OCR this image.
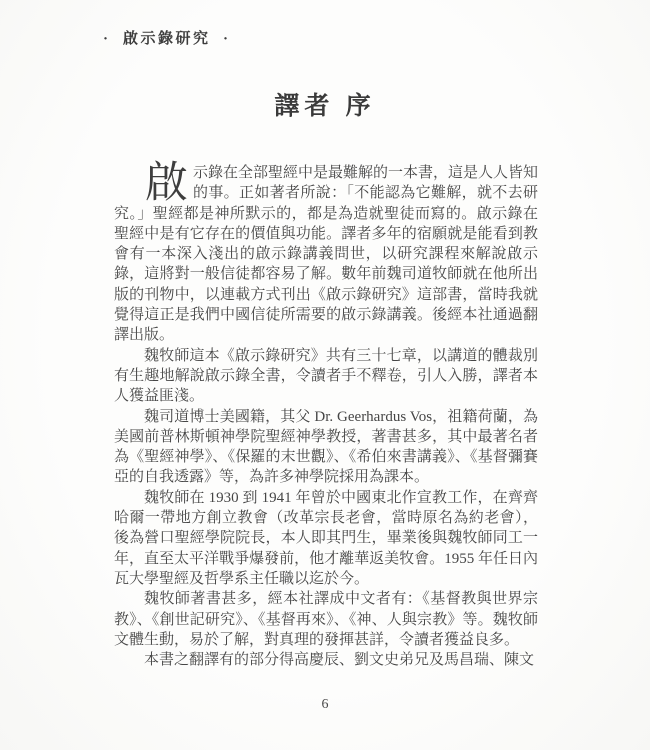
·  啟示錄研究  ·
譯者 序

啟示錄在全部聖經中是最難解的一本書，這是人人皆知的事。正如著者所說：「不能認為它難解，就不去研究。」聖經都是神所默示的，都是為造就聖徒而寫的。啟示錄在聖經中是有它存在的價值與功能。譯者多年的宿願就是能看到教會有一本深入淺出的啟示錄講義問世，以研究課程來解說啟示錄，這將對一般信徒都容易了解。數年前魏司道牧師就在他所出版的刊物中，以連載方式刊出《啟示錄研究》這部書，當時我就覺得這正是我們中國信徒所需要的啟示錄講義。後經本社通過翻譯出版。

魏牧師這本《啟示錄研究》共有三十七章，以講道的體裁別有生趣地解說啟示錄全書，令讀者手不釋卷，引人入勝，譯者本人獲益匪淺。

魏司道博士美國籍，其父 Dr. Geerhardus Vos，祖籍荷蘭，為美國前普林斯頓神學院聖經神學教授，著書甚多，其中最著名者為《聖經神學》、《保羅的末世觀》、《希伯來書講義》、《基督彌賽亞的自我透露》等，為許多神學院採用為課本。

魏牧師在 1930 到 1941 年曾於中國東北作宣教工作，在齊齊哈爾一帶地方創立教會（改革宗長老會，當時原名為約老會），後為營口聖經學院院長，本人即其門生，畢業後與魏牧師同工一年，直至太平洋戰爭爆發前，他才離華返美牧會。1955 年任日內瓦大學聖經及哲學系主任職以迄於今。

魏牧師著書甚多，經本社譯成中文者有：《基督教與世界宗教》、《創世記研究》、《基督再來》、《神、人與宗教》等。魏牧師文體生動，易於了解，對真理的發揮甚詳，令讀者獲益良多。

本書之翻譯有的部分得高慶辰、劉文史弟兄及馬昌瑞、陳文

6
